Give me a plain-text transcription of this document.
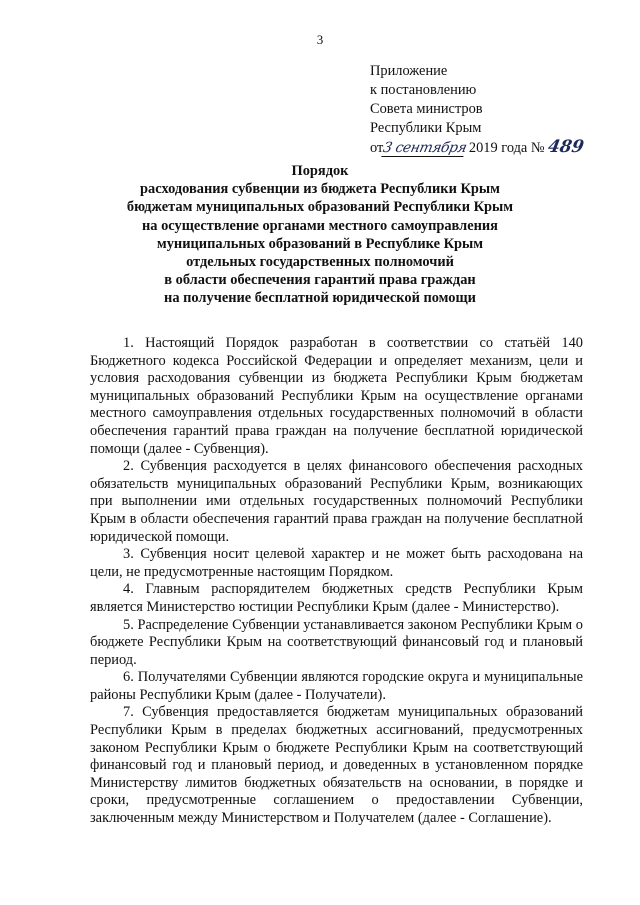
3
Приложение
к постановлению
Совета министров
Республики Крым
от3 сентября 2019 года №489
Порядок
расходования субвенции из бюджета Республики Крым
бюджетам муниципальных образований Республики Крым
на осуществление органами местного самоуправления
муниципальных образований в Республике Крым
отдельных государственных полномочий
в области обеспечения гарантий права граждан
на получение бесплатной юридической помощи

1. Настоящий Порядок разработан в соответствии со статьёй 140 Бюджетного кодекса Российской Федерации и определяет механизм, цели и условия расходования субвенции из бюджета Республики Крым бюджетам муниципальных образований Республики Крым на осуществление органами местного самоуправления отдельных государственных полномочий в области обеспечения гарантий права граждан на получение бесплатной юридической помощи (далее - Субвенция).

2. Субвенция расходуется в целях финансового обеспечения расходных обязательств муниципальных образований Республики Крым, возникающих при выполнении ими отдельных государственных полномочий Республики Крым в области обеспечения гарантий права граждан на получение бесплатной юридической помощи.

3. Субвенция носит целевой характер и не может быть расходована на цели, не предусмотренные настоящим Порядком.

4. Главным распорядителем бюджетных средств Республики Крым является Министерство юстиции Республики Крым (далее - Министерство).

5. Распределение Субвенции устанавливается законом Республики Крым о бюджете Республики Крым на соответствующий финансовый год и плановый период.

6. Получателями Субвенции являются городские округа и муниципальные районы Республики Крым (далее - Получатели).

7. Субвенция предоставляется бюджетам муниципальных образований Республики Крым в пределах бюджетных ассигнований, предусмотренных законом Республики Крым о бюджете Республики Крым на соответствующий финансовый год и плановый период, и доведенных в установленном порядке Министерству лимитов бюджетных обязательств на основании, в порядке и сроки, предусмотренные соглашением о предоставлении Субвенции, заключенным между Министерством и Получателем (далее - Соглашение).
